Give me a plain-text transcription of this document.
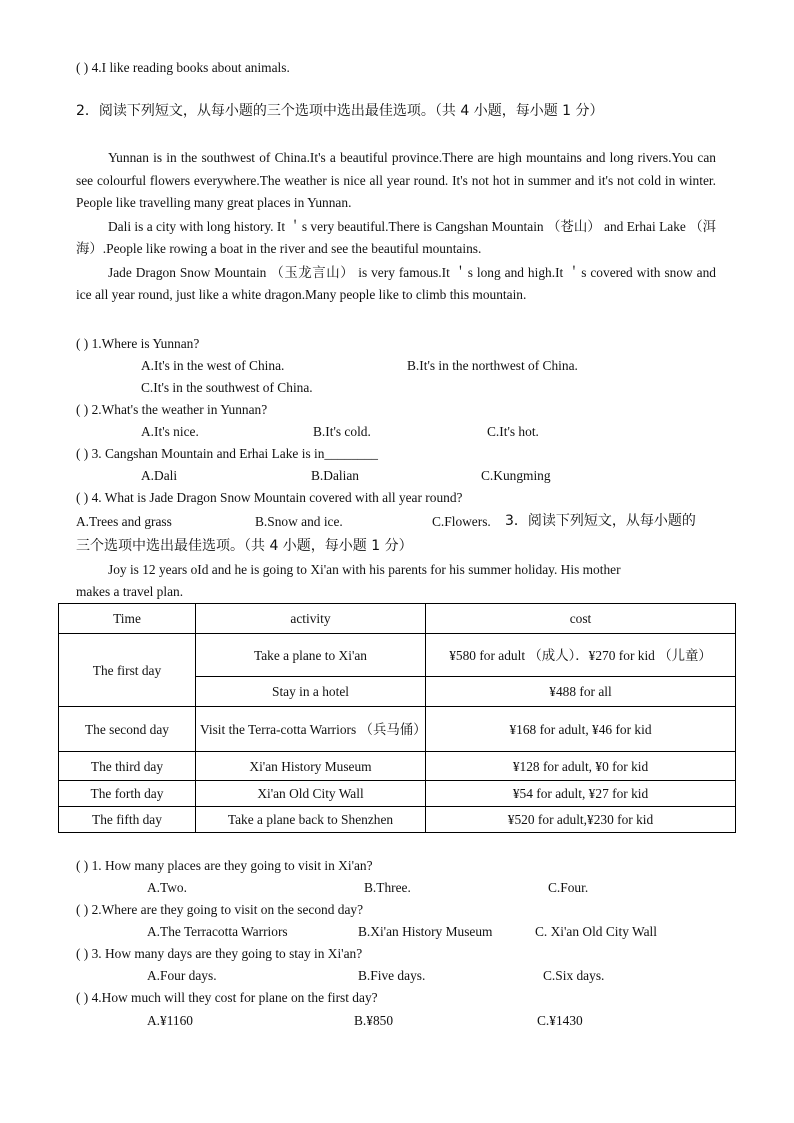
( ) 4.I like reading books about animals.
2．阅读下列短文，从每小题的三个选项中选出最佳选项。（共 4 小题，每小题 1 分）

Yunnan is in the southwest of China.It's a beautiful province.There are high mountains and long rivers.You can see colourful flowers everywhere.The weather is nice all year round. It's not hot in summer and it's not cold in winter. People like travelling many great places in Yunnan.

Dali is a city with long history. It ＇s very beautiful.There is Cangshan Mountain （苍山） and Erhai Lake （洱海）.People like rowing a boat in the river and see the beautiful mountains.

Jade Dragon Snow Mountain （玉龙言山） is very famous.It ＇s long and high.It ＇s covered with snow and ice all year round, just like a white dragon.Many people like to climb this mountain.

( ) 1.Where is Yunnan?
A.It's in the west of China.	B.It's in the northwest of China.
C.It's in the southwest of China.
( ) 2.What's the weather in Yunnan?
A.It's nice.	B.It's cold.	C.It's hot.
( ) 3. Cangshan Mountain and Erhai Lake is in________
A.Dali	B.Dalian	C.Kungming
( ) 4. What is Jade Dragon Snow Mountain covered with all year round?
A.Trees and grass	B.Snow and ice.	C.Flowers. 3．阅读下列短文，从每小题的
三个选项中选出最佳选项。（共 4 小题，每小题 1 分）
Joy is 12 years oId and he is going to Xi'an with his parents for his summer holiday. His mother
makes a travel plan.
Time	activity	cost
The first day	Take a plane to Xi'an	¥580 for adult （成人）．¥270 for kid （儿童）
	Stay in a hotel	¥488 for all
The second day	Visit the Terra-cotta Warriors （兵马俑）	¥168 for adult, ¥46 for kid
The third day	Xi'an History Museum	¥128 for adult, ¥0 for kid
The forth day	Xi'an Old City Wall	¥54 for adult, ¥27 for kid
The fifth day	Take a plane back to Shenzhen	¥520 for adult,¥230 for kid
( ) 1. How many places are they going to visit in Xi'an?
A.Two.	B.Three.	C.Four.
( ) 2.Where are they going to visit on the second day?
A.The Terracotta Warriors	B.Xi'an History Museum	C. Xi'an Old City Wall
( ) 3. How many days are they going to stay in Xi'an?
A.Four days.	B.Five days.	C.Six days.
( ) 4.How much will they cost for plane on the first day?
A.¥1160	B.¥850	C.¥1430
